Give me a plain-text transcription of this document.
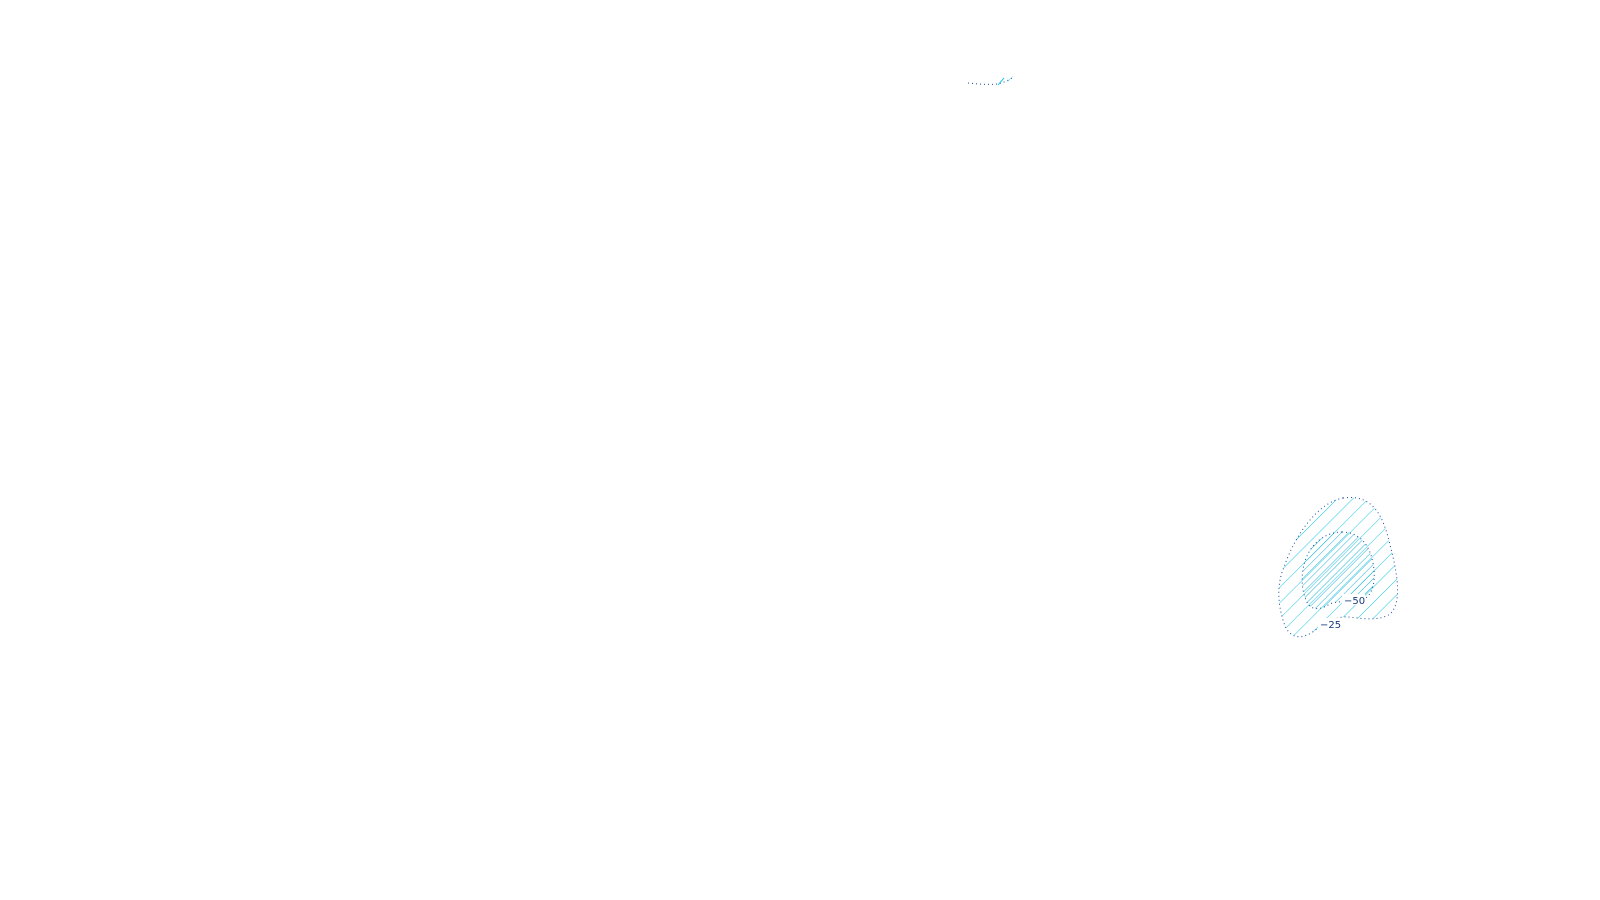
−50
−25
